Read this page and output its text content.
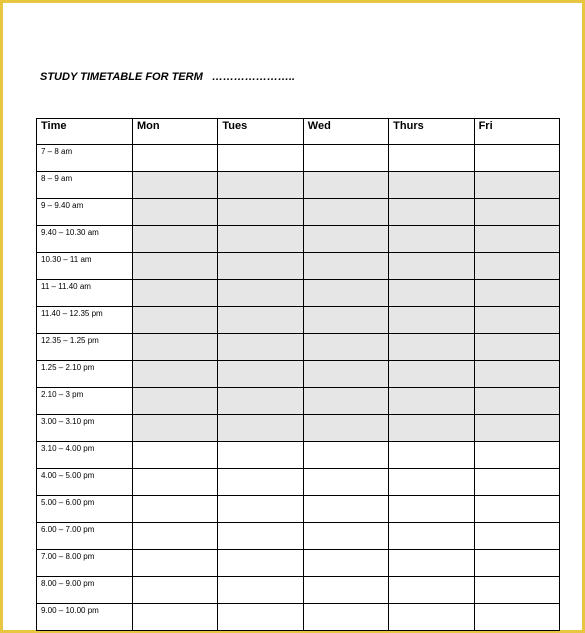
STUDY TIMETABLE FOR TERM …………………..
Time	Mon	Tues	Wed	Thurs	Fri
7 – 8 am					
8 – 9 am					
9 – 9.40 am					
9.40 – 10.30 am					
10.30 – 11 am					
11 – 11.40 am					
11.40 – 12.35 pm					
12.35 – 1.25 pm					
1.25 – 2.10 pm					
2.10 – 3 pm					
3.00 – 3.10 pm					
3.10 – 4.00 pm					
4.00 – 5.00 pm					
5.00 – 6.00 pm					
6.00 – 7.00 pm					
7.00 – 8.00 pm					
8.00 – 9.00 pm					
9.00 – 10.00 pm					
